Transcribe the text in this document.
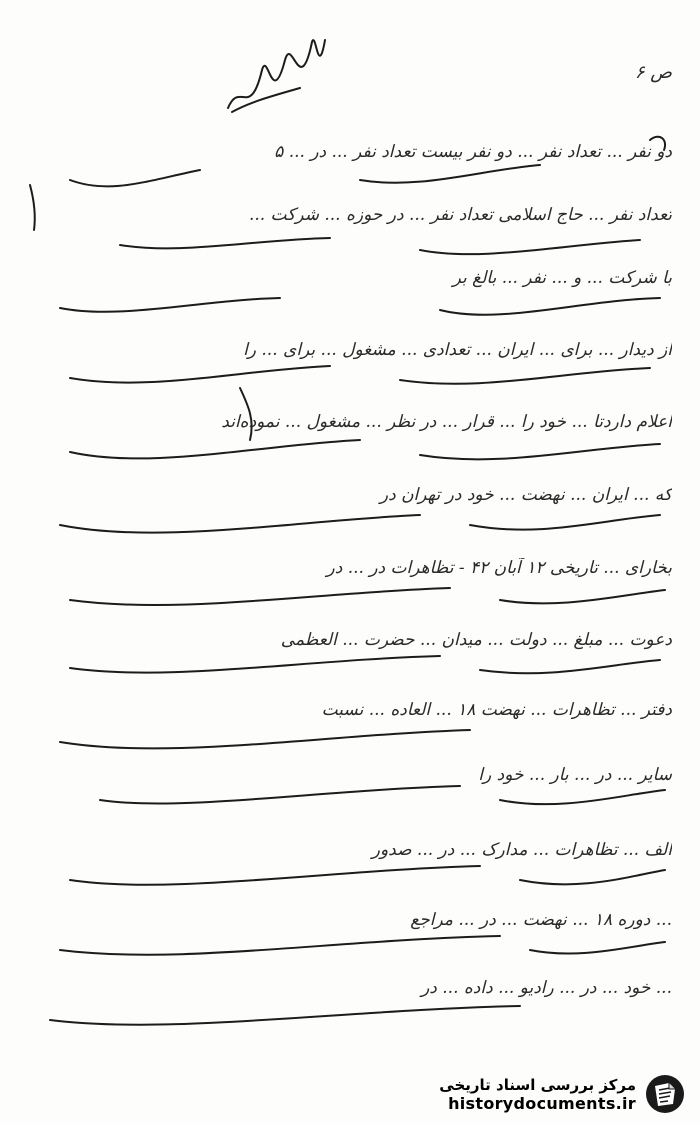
ص ۶
دو نفر ... تعداد نفر ... دو نفر بیست تعداد نفر ... در ... ۵
تعداد نفر ... حاج اسلامی تعداد نفر ... در حوزه ... شرکت ...
با شرکت ... و ... نفر ... بالغ بر
از دیدار ... برای ... ایران ... تعدادی ... مشغول ... برای ... را
اعلام داردتا ... خود را ... قرار ... در نظر ... مشغول ... نموده‌اند
که ... ایران ... نهضت ... خود در تهران در
بخارای ... تاریخی ۱۲ آبان ۴۲ - تظاهرات در ... در
دعوت ... مبلغ ... دولت ... میدان ... حضرت ... العظمی
دفتر ... تظاهرات ... نهضت ۱۸ ... العاده ... نسبت
سایر ... در ... بار ... خود را
الف ... تظاهرات ... مدارک ... در ... صدور
... دوره ۱۸ ... نهضت ... در ... مراجع
... خود ... در ... رادیو ... داده ... در
مرکز بررسی اسناد تاریخی
historydocuments.ir
